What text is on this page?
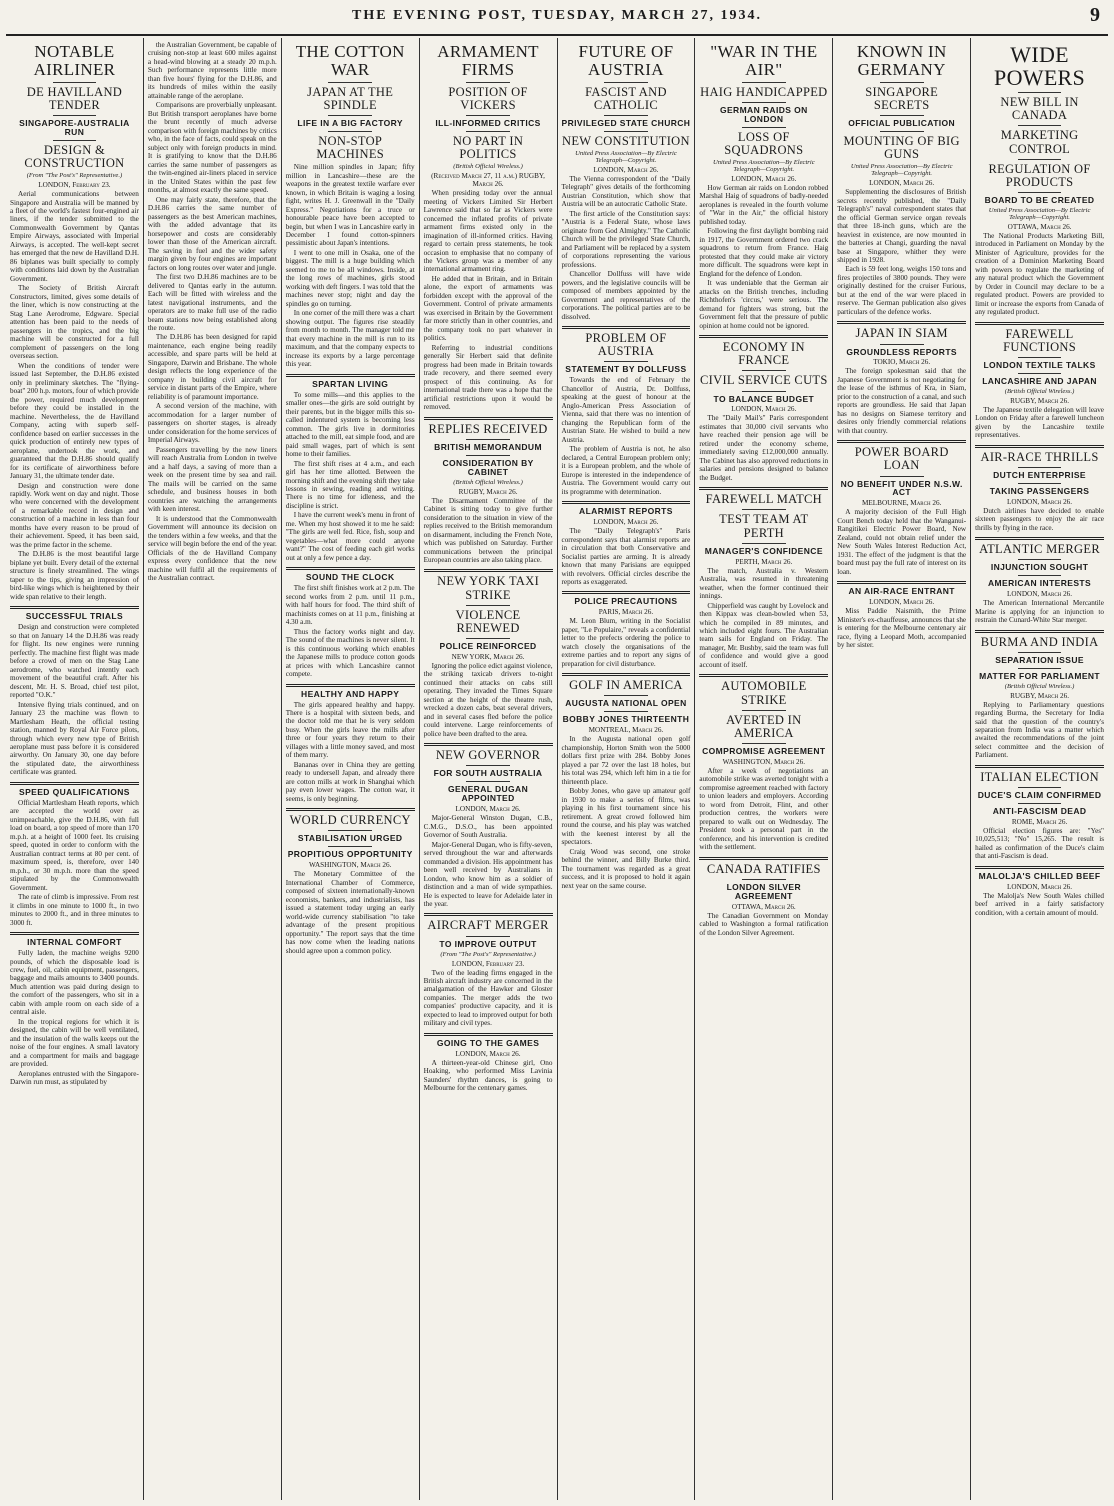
THE EVENING POST, TUESDAY, MARCH 27, 1934.	9
NOTABLE AIRLINER
DE HAVILLAND TENDER
SINGAPORE-AUSTRALIA RUN
DESIGN & CONSTRUCTION
(From "The Post's" Representative.)
LONDON, February 23.

Aerial communications between Singapore and Australia will be manned by a fleet of the world's fastest four-engined air liners, if the tender submitted to the Commonwealth Government by Qantas Empire Airways, associated with Imperial Airways, is accepted. The well-kept secret has emerged that the new de Havilland D.H. 86 biplanes was built specially to comply with conditions laid down by the Australian Government.

The Society of British Aircraft Constructors, limited, gives some details of the liner, which is now constructing at the Stag Lane Aerodrome, Edgware. Special attention has been paid to the needs of passengers in the tropics, and the big machine will be constructed for a full complement of passengers on the long overseas section.

When the conditions of tender were issued last September, the D.H.86 existed only in preliminary sketches. The "flying-boat" 200 h.p. motors, four of which provide the power, required much development before they could be installed in the machine. Nevertheless, the de Havilland Company, acting with superb self-confidence based on earlier successes in the quick production of entirely new types of aeroplane, undertook the work, and guaranteed that the D.H.86 should qualify for its certificate of airworthiness before January 31, the ultimate tender date.

Design and construction were done rapidly. Work went on day and night. Those who were concerned with the development of a remarkable record in design and construction of a machine in less than four months have every reason to be proud of their achievement. Speed, it has been said, was the prime factor in the scheme.

The D.H.86 is the most beautiful large biplane yet built. Every detail of the external structure is finely streamlined. The wings taper to the tips, giving an impression of bird-like wings which is heightened by their wide span relative to their length.

SUCCESSFUL TRIALS

Design and construction were completed so that on January 14 the D.H.86 was ready for flight. Its new engines were running perfectly. The machine first flight was made before a crowd of men on the Stag Lane aerodrome, who watched intently each movement of the beautiful craft. After his descent, Mr. H. S. Broad, chief test pilot, reported "O.K."

Intensive flying trials continued, and on January 23 the machine was flown to Martlesham Heath, the official testing station, manned by Royal Air Force pilots, through which every new type of British aeroplane must pass before it is considered airworthy. On January 30, one day before the stipulated date, the airworthiness certificate was granted.

SPEED QUALIFICATIONS

Official Martlesham Heath reports, which are accepted the world over as unimpeachable, give the D.H.86, with full load on board, a top speed of more than 170 m.p.h. at a height of 1000 feet. Its cruising speed, quoted in order to conform with the Australian contract terms at 80 per cent. of maximum speed, is, therefore, over 140 m.p.h., or 30 m.p.h. more than the speed stipulated by the Commonwealth Government.

The rate of climb is impressive. From rest it climbs in one minute to 1000 ft., in two minutes to 2000 ft., and in three minutes to 3000 ft.

INTERNAL COMFORT

Fully laden, the machine weighs 9200 pounds, of which the disposable load is crew, fuel, oil, cabin equipment, passengers, baggage and mails amounts to 3400 pounds. Much attention was paid during design to the comfort of the passengers, who sit in a cabin with ample room on each side of a central aisle.

In the tropical regions for which it is designed, the cabin will be well ventilated, and the insulation of the walls keeps out the noise of the four engines. A small lavatory and a compartment for mails and baggage are provided.

Aeroplanes entrusted with the Singapore-Darwin run must, as stipulated by

the Australian Government, be capable of cruising non-stop at least 600 miles against a head-wind blowing at a steady 20 m.p.h. Such performance represents little more than five hours' flying for the D.H.86, and its hundreds of miles within the easily attainable range of the aeroplane.

Comparisons are proverbially unpleasant. But British transport aeroplanes have borne the brunt recently of much adverse comparison with foreign machines by critics who, in the face of facts, could speak on the subject only with foreign products in mind. It is gratifying to know that the D.H.86 carries the same number of passengers as the twin-engined air-liners placed in service in the United States within the past few months, at almost exactly the same speed.

One may fairly state, therefore, that the D.H.86 carries the same number of passengers as the best American machines, with the added advantage that its horsepower and costs are considerably lower than those of the American aircraft. The saving in fuel and the wider safety margin given by four engines are important factors on long routes over water and jungle.

The first two D.H.86 machines are to be delivered to Qantas early in the autumn. Each will be fitted with wireless and the latest navigational instruments, and the operators are to make full use of the radio beam stations now being established along the route.

The D.H.86 has been designed for rapid maintenance, each engine being readily accessible, and spare parts will be held at Singapore, Darwin and Brisbane. The whole design reflects the long experience of the company in building civil aircraft for service in distant parts of the Empire, where reliability is of paramount importance.

A second version of the machine, with accommodation for a larger number of passengers on shorter stages, is already under consideration for the home services of Imperial Airways.

Passengers travelling by the new liners will reach Australia from London in twelve and a half days, a saving of more than a week on the present time by sea and rail. The mails will be carried on the same schedule, and business houses in both countries are watching the arrangements with keen interest.

It is understood that the Commonwealth Government will announce its decision on the tenders within a few weeks, and that the service will begin before the end of the year. Officials of the de Havilland Company express every confidence that the new machine will fulfil all the requirements of the Australian contract.

THE COTTON WAR
JAPAN AT THE SPINDLE
LIFE IN A BIG FACTORY
NON-STOP MACHINES

Nine million spindles in Japan; fifty million in Lancashire—these are the weapons in the greatest textile warfare ever known, in which Britain is waging a losing fight, writes H. J. Greenwall in the "Daily Express." Negotiations for a truce or honourable peace have been accepted to begin, but when I was in Lancashire early in December I found cotton-spinners pessimistic about Japan's intentions.

I went to one mill in Osaka, one of the biggest. The mill is a huge building which seemed to me to be all windows. Inside, at the long rows of machines, girls stood working with deft fingers. I was told that the machines never stop; night and day the spindles go on turning.

In one corner of the mill there was a chart showing output. The figures rise steadily from month to month. The manager told me that every machine in the mill is run to its maximum, and that the company expects to increase its exports by a large percentage this year.

SPARTAN LIVING

To some mills—and this applies to the smaller ones—the girls are sold outright by their parents, but in the bigger mills this so-called indentured system is becoming less common. The girls live in dormitories attached to the mill, eat simple food, and are paid small wages, part of which is sent home to their families.

The first shift rises at 4 a.m., and each girl has her time allotted. Between the morning shift and the evening shift they take lessons in sewing, reading and writing. There is no time for idleness, and the discipline is strict.

I have the current week's menu in front of me. When my host showed it to me he said: "The girls are well fed. Rice, fish, soup and vegetables—what more could anyone want?" The cost of feeding each girl works out at only a few pence a day.

SOUND THE CLOCK

The first shift finishes work at 2 p.m. The second works from 2 p.m. until 11 p.m., with half hours for food. The third shift of machinists comes on at 11 p.m., finishing at 4.30 a.m.

Thus the factory works night and day. The sound of the machines is never silent. It is this continuous working which enables the Japanese mills to produce cotton goods at prices with which Lancashire cannot compete.

HEALTHY AND HAPPY

The girls appeared healthy and happy. There is a hospital with sixteen beds, and the doctor told me that he is very seldom busy. When the girls leave the mills after three or four years they return to their villages with a little money saved, and most of them marry.

Bananas over in China they are getting ready to undersell Japan, and already there are cotton mills at work in Shanghai which pay even lower wages. The cotton war, it seems, is only beginning.

WORLD CURRENCY
STABILISATION URGED
PROPITIOUS OPPORTUNITY
WASHINGTON, March 26.

The Monetary Committee of the International Chamber of Commerce, composed of sixteen internationally-known economists, bankers, and industrialists, has issued a statement today urging an early world-wide currency stabilisation "to take advantage of the present propitious opportunity." The report says that the time has now come when the leading nations should agree upon a common policy.

ARMAMENT FIRMS
POSITION OF VICKERS
ILL-INFORMED CRITICS
NO PART IN POLITICS
(British Official Wireless.)
(Received March 27, 11 a.m.) RUGBY, March 26.

When presiding today over the annual meeting of Vickers Limited Sir Herbert Lawrence said that so far as Vickers were concerned the inflated profits of private armament firms existed only in the imagination of ill-informed critics. Having regard to certain press statements, he took occasion to emphasise that no company of the Vickers group was a member of any international armament ring.

He added that in Britain, and in Britain alone, the export of armaments was forbidden except with the approval of the Government. Control of private armaments was exercised in Britain by the Government far more strictly than in other countries, and the company took no part whatever in politics.

Referring to industrial conditions generally Sir Herbert said that definite progress had been made in Britain towards trade recovery, and there seemed every prospect of this continuing. As for international trade there was a hope that the artificial restrictions upon it would be removed.

REPLIES RECEIVED
BRITISH MEMORANDUM
CONSIDERATION BY CABINET
(British Official Wireless.)
RUGBY, March 26.

The Disarmament Committee of the Cabinet is sitting today to give further consideration to the situation in view of the replies received to the British memorandum on disarmament, including the French Note, which was published on Saturday. Further communications between the principal European countries are also taking place.

NEW YORK TAXI STRIKE
VIOLENCE RENEWED
POLICE REINFORCED
NEW YORK, March 26.

Ignoring the police edict against violence, the striking taxicab drivers to-night continued their attacks on cabs still operating. They invaded the Times Square section at the height of the theatre rush, wrecked a dozen cabs, beat several drivers, and in several cases fled before the police could intervene. Large reinforcements of police have been drafted to the area.

NEW GOVERNOR
FOR SOUTH AUSTRALIA
GENERAL DUGAN APPOINTED
LONDON, March 26.

Major-General Winston Dugan, C.B., C.M.G., D.S.O., has been appointed Governor of South Australia.

Major-General Dugan, who is fifty-seven, served throughout the war and afterwards commanded a division. His appointment has been well received by Australians in London, who know him as a soldier of distinction and a man of wide sympathies. He is expected to leave for Adelaide later in the year.

AIRCRAFT MERGER
TO IMPROVE OUTPUT
(From "The Post's" Representative.)
LONDON, February 23.

Two of the leading firms engaged in the British aircraft industry are concerned in the amalgamation of the Hawker and Gloster companies. The merger adds the two companies' productive capacity, and it is expected to lead to improved output for both military and civil types.

GOING TO THE GAMES
LONDON, March 26.

A thirteen-year-old Chinese girl, Ono Hoaking, who performed Miss Lavinia Saunders' rhythm dances, is going to Melbourne for the centenary games.

FUTURE OF AUSTRIA
FASCIST AND CATHOLIC
PRIVILEGED STATE CHURCH
NEW CONSTITUTION
United Press Association—By Electric Telegraph—Copyright.
LONDON, March 26.

The Vienna correspondent of the "Daily Telegraph" gives details of the forthcoming Austrian Constitution, which show that Austria will be an autocratic Catholic State.

The first article of the Constitution says: "Austria is a Federal State, whose laws originate from God Almighty." The Catholic Church will be the privileged State Church, and Parliament will be replaced by a system of corporations representing the various professions.

Chancellor Dollfuss will have wide powers, and the legislative councils will be composed of members appointed by the Government and representatives of the corporations. The political parties are to be dissolved.

PROBLEM OF AUSTRIA
STATEMENT BY DOLLFUSS

Towards the end of February the Chancellor of Austria, Dr. Dollfuss, speaking at the guest of honour at the Anglo-American Press Association of Vienna, said that there was no intention of changing the Republican form of the Austrian State. He wished to build a new Austria.

The problem of Austria is not, he also declared, a Central European problem only; it is a European problem, and the whole of Europe is interested in the independence of Austria. The Government would carry out its programme with determination.

ALARMIST REPORTS
LONDON, March 26.

The "Daily Telegraph's" Paris correspondent says that alarmist reports are in circulation that both Conservative and Socialist parties are arming. It is already known that many Parisians are equipped with revolvers. Official circles describe the reports as exaggerated.

POLICE PRECAUTIONS
PARIS, March 26.

M. Leon Blum, writing in the Socialist paper, "Le Populaire," reveals a confidential letter to the prefects ordering the police to watch closely the organisations of the extreme parties and to report any signs of preparation for civil disturbance.

GOLF IN AMERICA
AUGUSTA NATIONAL OPEN
BOBBY JONES THIRTEENTH
MONTREAL, March 26.

In the Augusta national open golf championship, Horton Smith won the 5000 dollars first prize with 284. Bobby Jones played a par 72 over the last 18 holes, but his total was 294, which left him in a tie for thirteenth place.

Bobby Jones, who gave up amateur golf in 1930 to make a series of films, was playing in his first tournament since his retirement. A great crowd followed him round the course, and his play was watched with the keenest interest by all the spectators.

Craig Wood was second, one stroke behind the winner, and Billy Burke third. The tournament was regarded as a great success, and it is proposed to hold it again next year on the same course.

"WAR IN THE AIR"
HAIG HANDICAPPED
GERMAN RAIDS ON LONDON
LOSS OF SQUADRONS
United Press Association—By Electric Telegraph—Copyright.
LONDON, March 26.

How German air raids on London robbed Marshal Haig of squadrons of badly-needed aeroplanes is revealed in the fourth volume of "War in the Air," the official history published today.

Following the first daylight bombing raid in 1917, the Government ordered two crack squadrons to return from France. Haig protested that they could make air victory more difficult. The squadrons were kept in England for the defence of London.

It was undeniable that the German air attacks on the British trenches, including Richthofen's 'circus,' were serious. The demand for fighters was strong, but the Government felt that the pressure of public opinion at home could not be ignored.

ECONOMY IN FRANCE
CIVIL SERVICE CUTS
TO BALANCE BUDGET
LONDON, March 26.

The "Daily Mail's" Paris correspondent estimates that 30,000 civil servants who have reached their pension age will be retired under the economy scheme, immediately saving £12,000,000 annually. The Cabinet has also approved reductions in salaries and pensions designed to balance the Budget.

FAREWELL MATCH
TEST TEAM AT PERTH
MANAGER'S CONFIDENCE
PERTH, March 26.

The match, Australia v. Western Australia, was resumed in threatening weather, when the former continued their innings.

Chipperfield was caught by Lovelock and then Kippax was clean-bowled when 53, which he compiled in 89 minutes, and which included eight fours. The Australian team sails for England on Friday. The manager, Mr. Bushby, said the team was full of confidence and would give a good account of itself.

AUTOMOBILE STRIKE
AVERTED IN AMERICA
COMPROMISE AGREEMENT
WASHINGTON, March 26.

After a week of negotiations an automobile strike was averted tonight with a compromise agreement reached with factory to union leaders and employers. According to word from Detroit, Flint, and other production centres, the workers were prepared to walk out on Wednesday. The President took a personal part in the conference, and his intervention is credited with the settlement.

CANADA RATIFIES
LONDON SILVER AGREEMENT
OTTAWA, March 26.

The Canadian Government on Monday cabled to Washington a formal ratification of the London Silver Agreement.

KNOWN IN GERMANY
SINGAPORE SECRETS
OFFICIAL PUBLICATION
MOUNTING OF BIG GUNS
United Press Association—By Electric Telegraph—Copyright.
LONDON, March 26.

Supplementing the disclosures of British secrets recently published, the "Daily Telegraph's" naval correspondent states that the official German service organ reveals that three 18-inch guns, which are the heaviest in existence, are now mounted in the batteries at Changi, guarding the naval base at Singapore, whither they were shipped in 1928.

Each is 59 feet long, weighs 150 tons and fires projectiles of 3800 pounds. They were originally destined for the cruiser Furious, but at the end of the war were placed in reserve. The German publication also gives particulars of the defence works.

JAPAN IN SIAM
GROUNDLESS REPORTS
TOKIO, March 26.

The foreign spokesman said that the Japanese Government is not negotiating for the lease of the isthmus of Kra, in Siam, prior to the construction of a canal, and such reports are groundless. He said that Japan has no designs on Siamese territory and desires only friendly commercial relations with that country.

POWER BOARD LOAN
NO BENEFIT UNDER N.S.W. ACT
MELBOURNE, March 26.

A majority decision of the Full High Court Bench today held that the Wanganui-Rangitikei Electric Power Board, New Zealand, could not obtain relief under the New South Wales Interest Reduction Act, 1931. The effect of the judgment is that the board must pay the full rate of interest on its loan.

AN AIR-RACE ENTRANT
LONDON, March 26.

Miss Paddie Naismith, the Prime Minister's ex-chauffeuse, announces that she is entering for the Melbourne centenary air race, flying a Leopard Moth, accompanied by her sister.

WIDE POWERS
NEW BILL IN CANADA
MARKETING CONTROL
REGULATION OF PRODUCTS
BOARD TO BE CREATED
United Press Association—By Electric Telegraph—Copyright.
OTTAWA, March 26.

The National Products Marketing Bill, introduced in Parliament on Monday by the Minister of Agriculture, provides for the creation of a Dominion Marketing Board with powers to regulate the marketing of any natural product which the Government by Order in Council may declare to be a regulated product. Powers are provided to limit or increase the exports from Canada of any regulated product.

FAREWELL FUNCTIONS
LONDON TEXTILE TALKS
LANCASHIRE AND JAPAN
(British Official Wireless.)
RUGBY, March 26.

The Japanese textile delegation will leave London on Friday after a farewell luncheon given by the Lancashire textile representatives.

AIR-RACE THRILLS
DUTCH ENTERPRISE
TAKING PASSENGERS
LONDON, March 26.

Dutch airlines have decided to enable sixteen passengers to enjoy the air race thrills by flying in the race.

ATLANTIC MERGER
INJUNCTION SOUGHT
AMERICAN INTERESTS
LONDON, March 26.

The American International Mercantile Marine is applying for an injunction to restrain the Cunard-White Star merger.

BURMA AND INDIA
SEPARATION ISSUE
MATTER FOR PARLIAMENT
(British Official Wireless.)
RUGBY, March 26.

Replying to Parliamentary questions regarding Burma, the Secretary for India said that the question of the country's separation from India was a matter which awaited the recommendations of the joint select committee and the decision of Parliament.

ITALIAN ELECTION
DUCE'S CLAIM CONFIRMED
ANTI-FASCISM DEAD
ROME, March 26.

Official election figures are: "Yes" 10,025,513; "No" 15,265. The result is hailed as confirmation of the Duce's claim that anti-Fascism is dead.

MALOLJA'S CHILLED BEEF
LONDON, March 26.

The Malolja's New South Wales chilled beef arrived in a fairly satisfactory condition, with a certain amount of mould.
